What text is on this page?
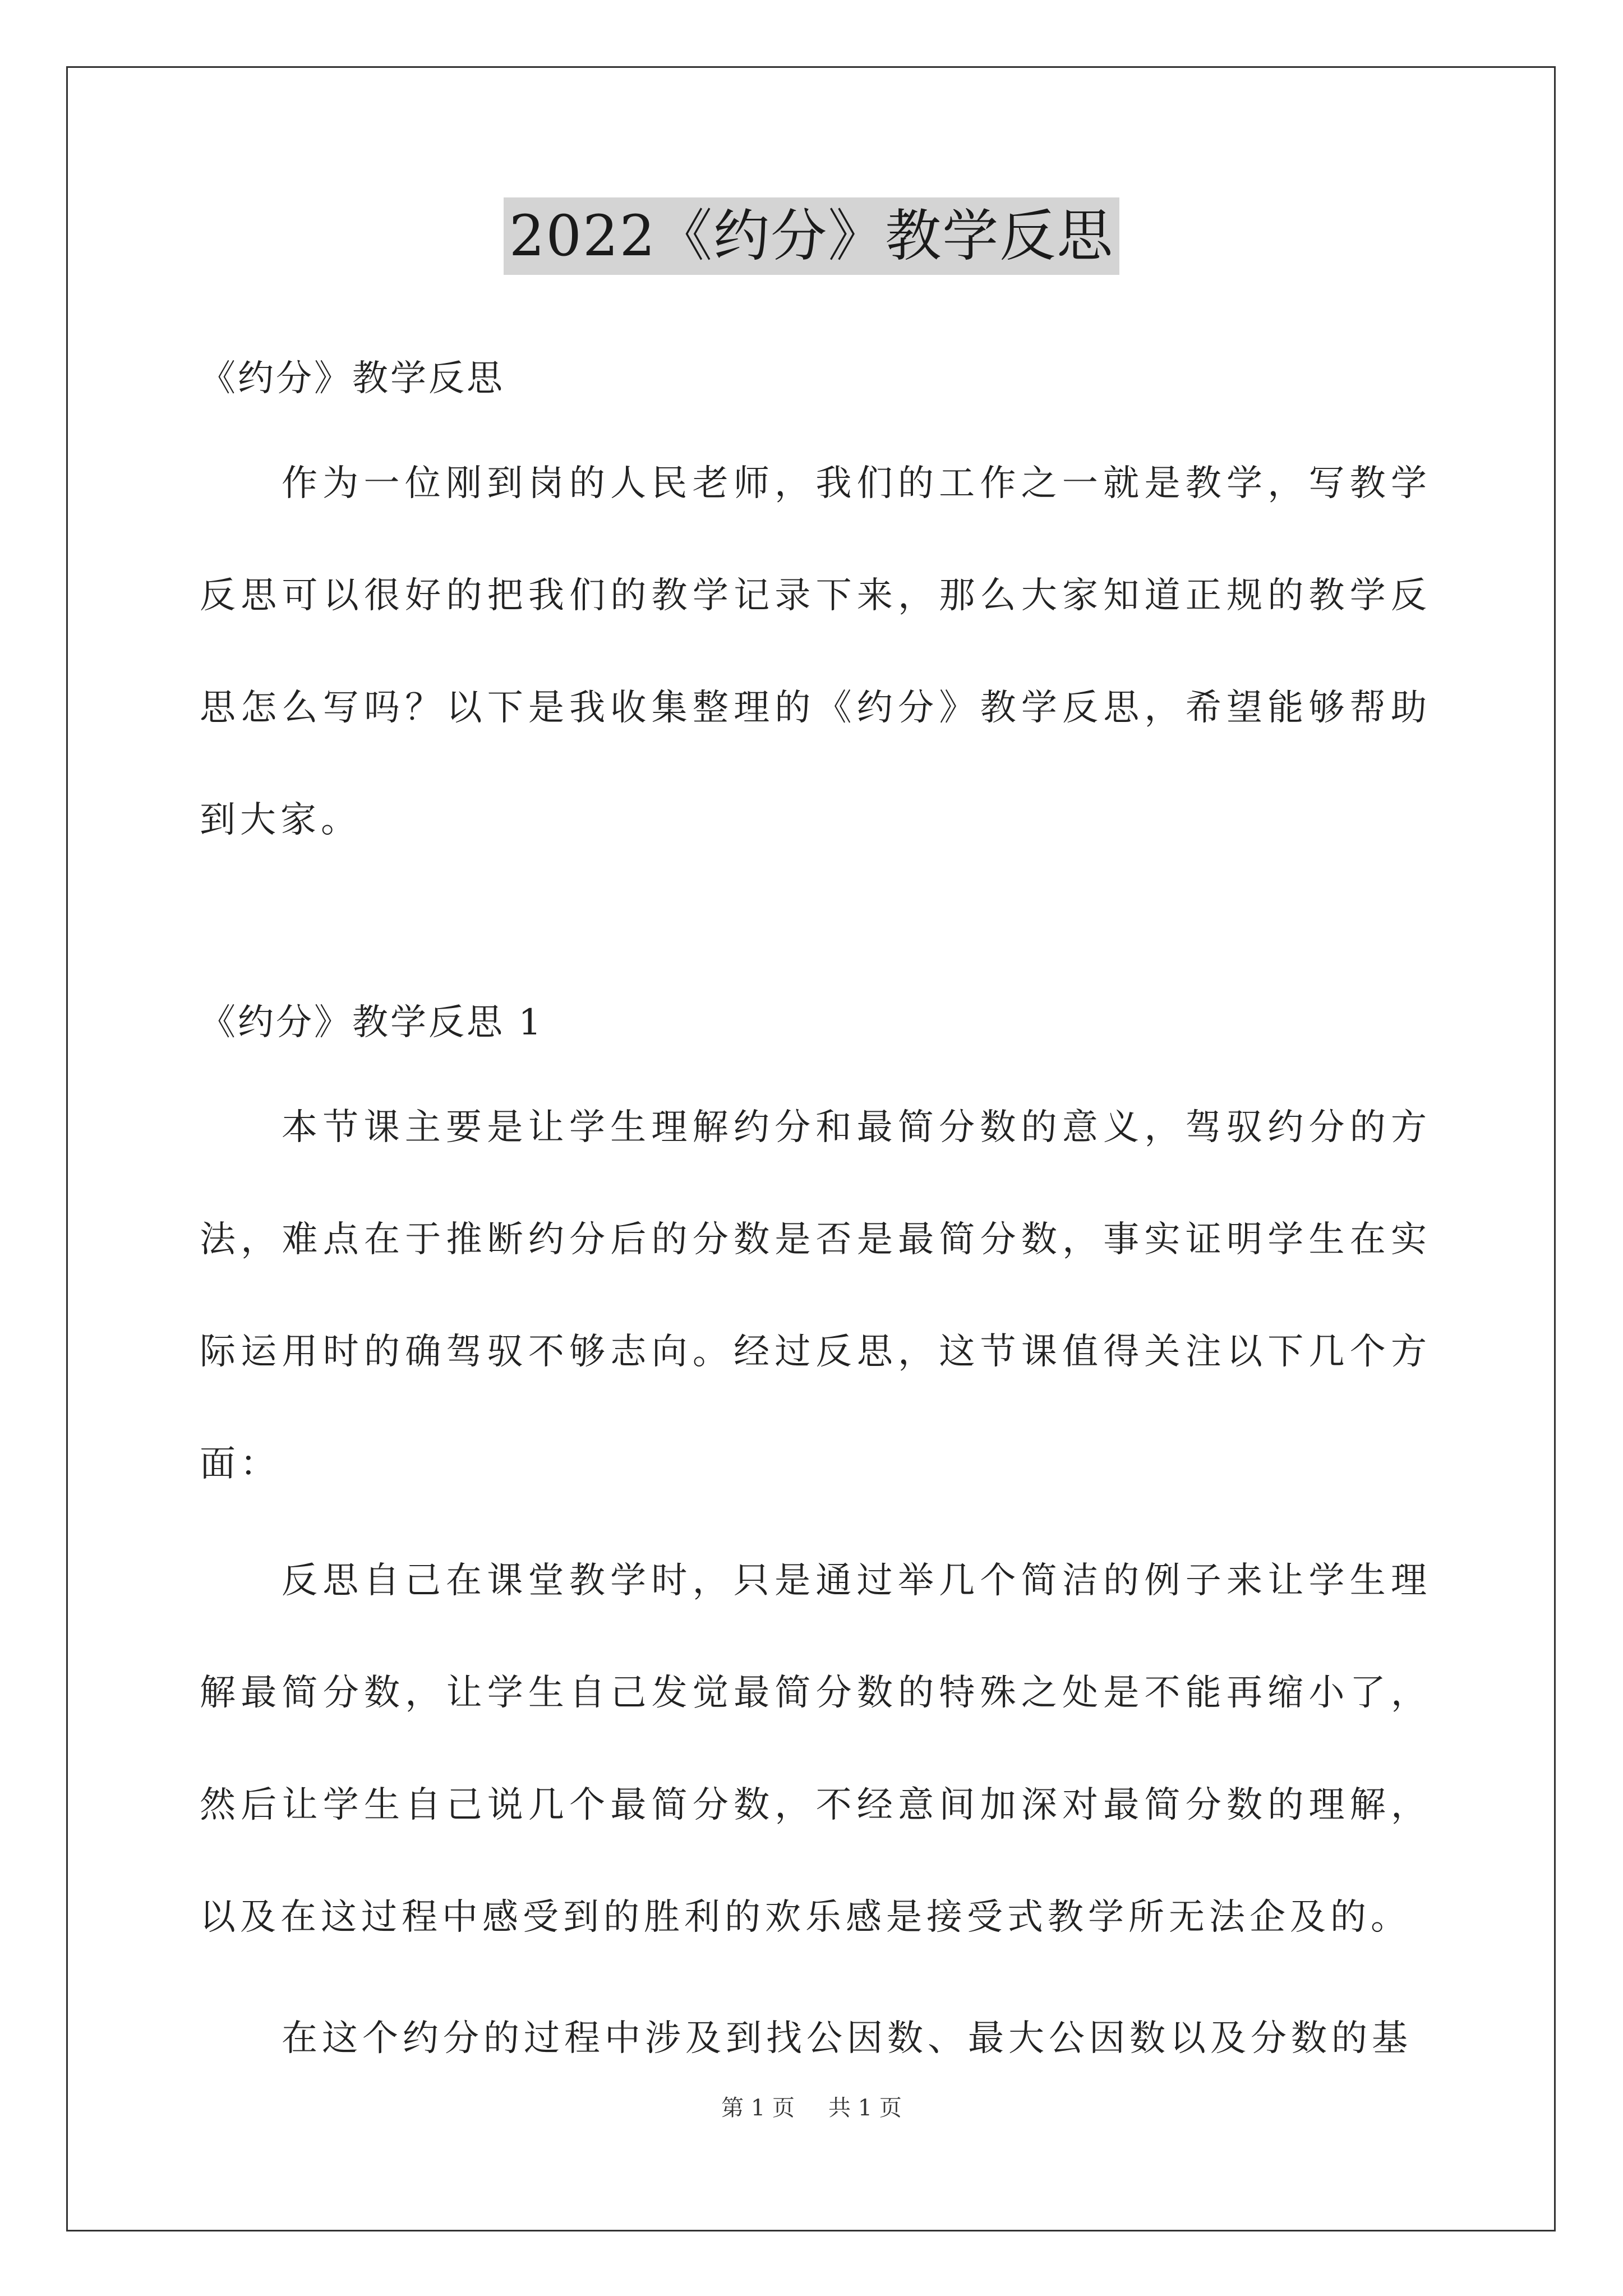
2022《约分》教学反思
《约分》教学反思

作为一位刚到岗的人民老师，我们的工作之一就是教学，写教学反思可以很好的把我们的教学记录下来，那么大家知道正规的教学反思怎么写吗？以下是我收集整理的《约分》教学反思，希望能够帮助到大家。

《约分》教学反思 1

本节课主要是让学生理解约分和最简分数的意义，驾驭约分的方法，难点在于推断约分后的分数是否是最简分数，事实证明学生在实际运用时的确驾驭不够志向。经过反思，这节课值得关注以下几个方面：

反思自己在课堂教学时，只是通过举几个简洁的例子来让学生理解最简分数，让学生自己发觉最简分数的特殊之处是不能再缩小了，然后让学生自己说几个最简分数，不经意间加深对最简分数的理解，以及在这过程中感受到的胜利的欢乐感是接受式教学所无法企及的。

在这个约分的过程中涉及到找公因数、最大公因数以及分数的基

第 1 页 共 1 页
